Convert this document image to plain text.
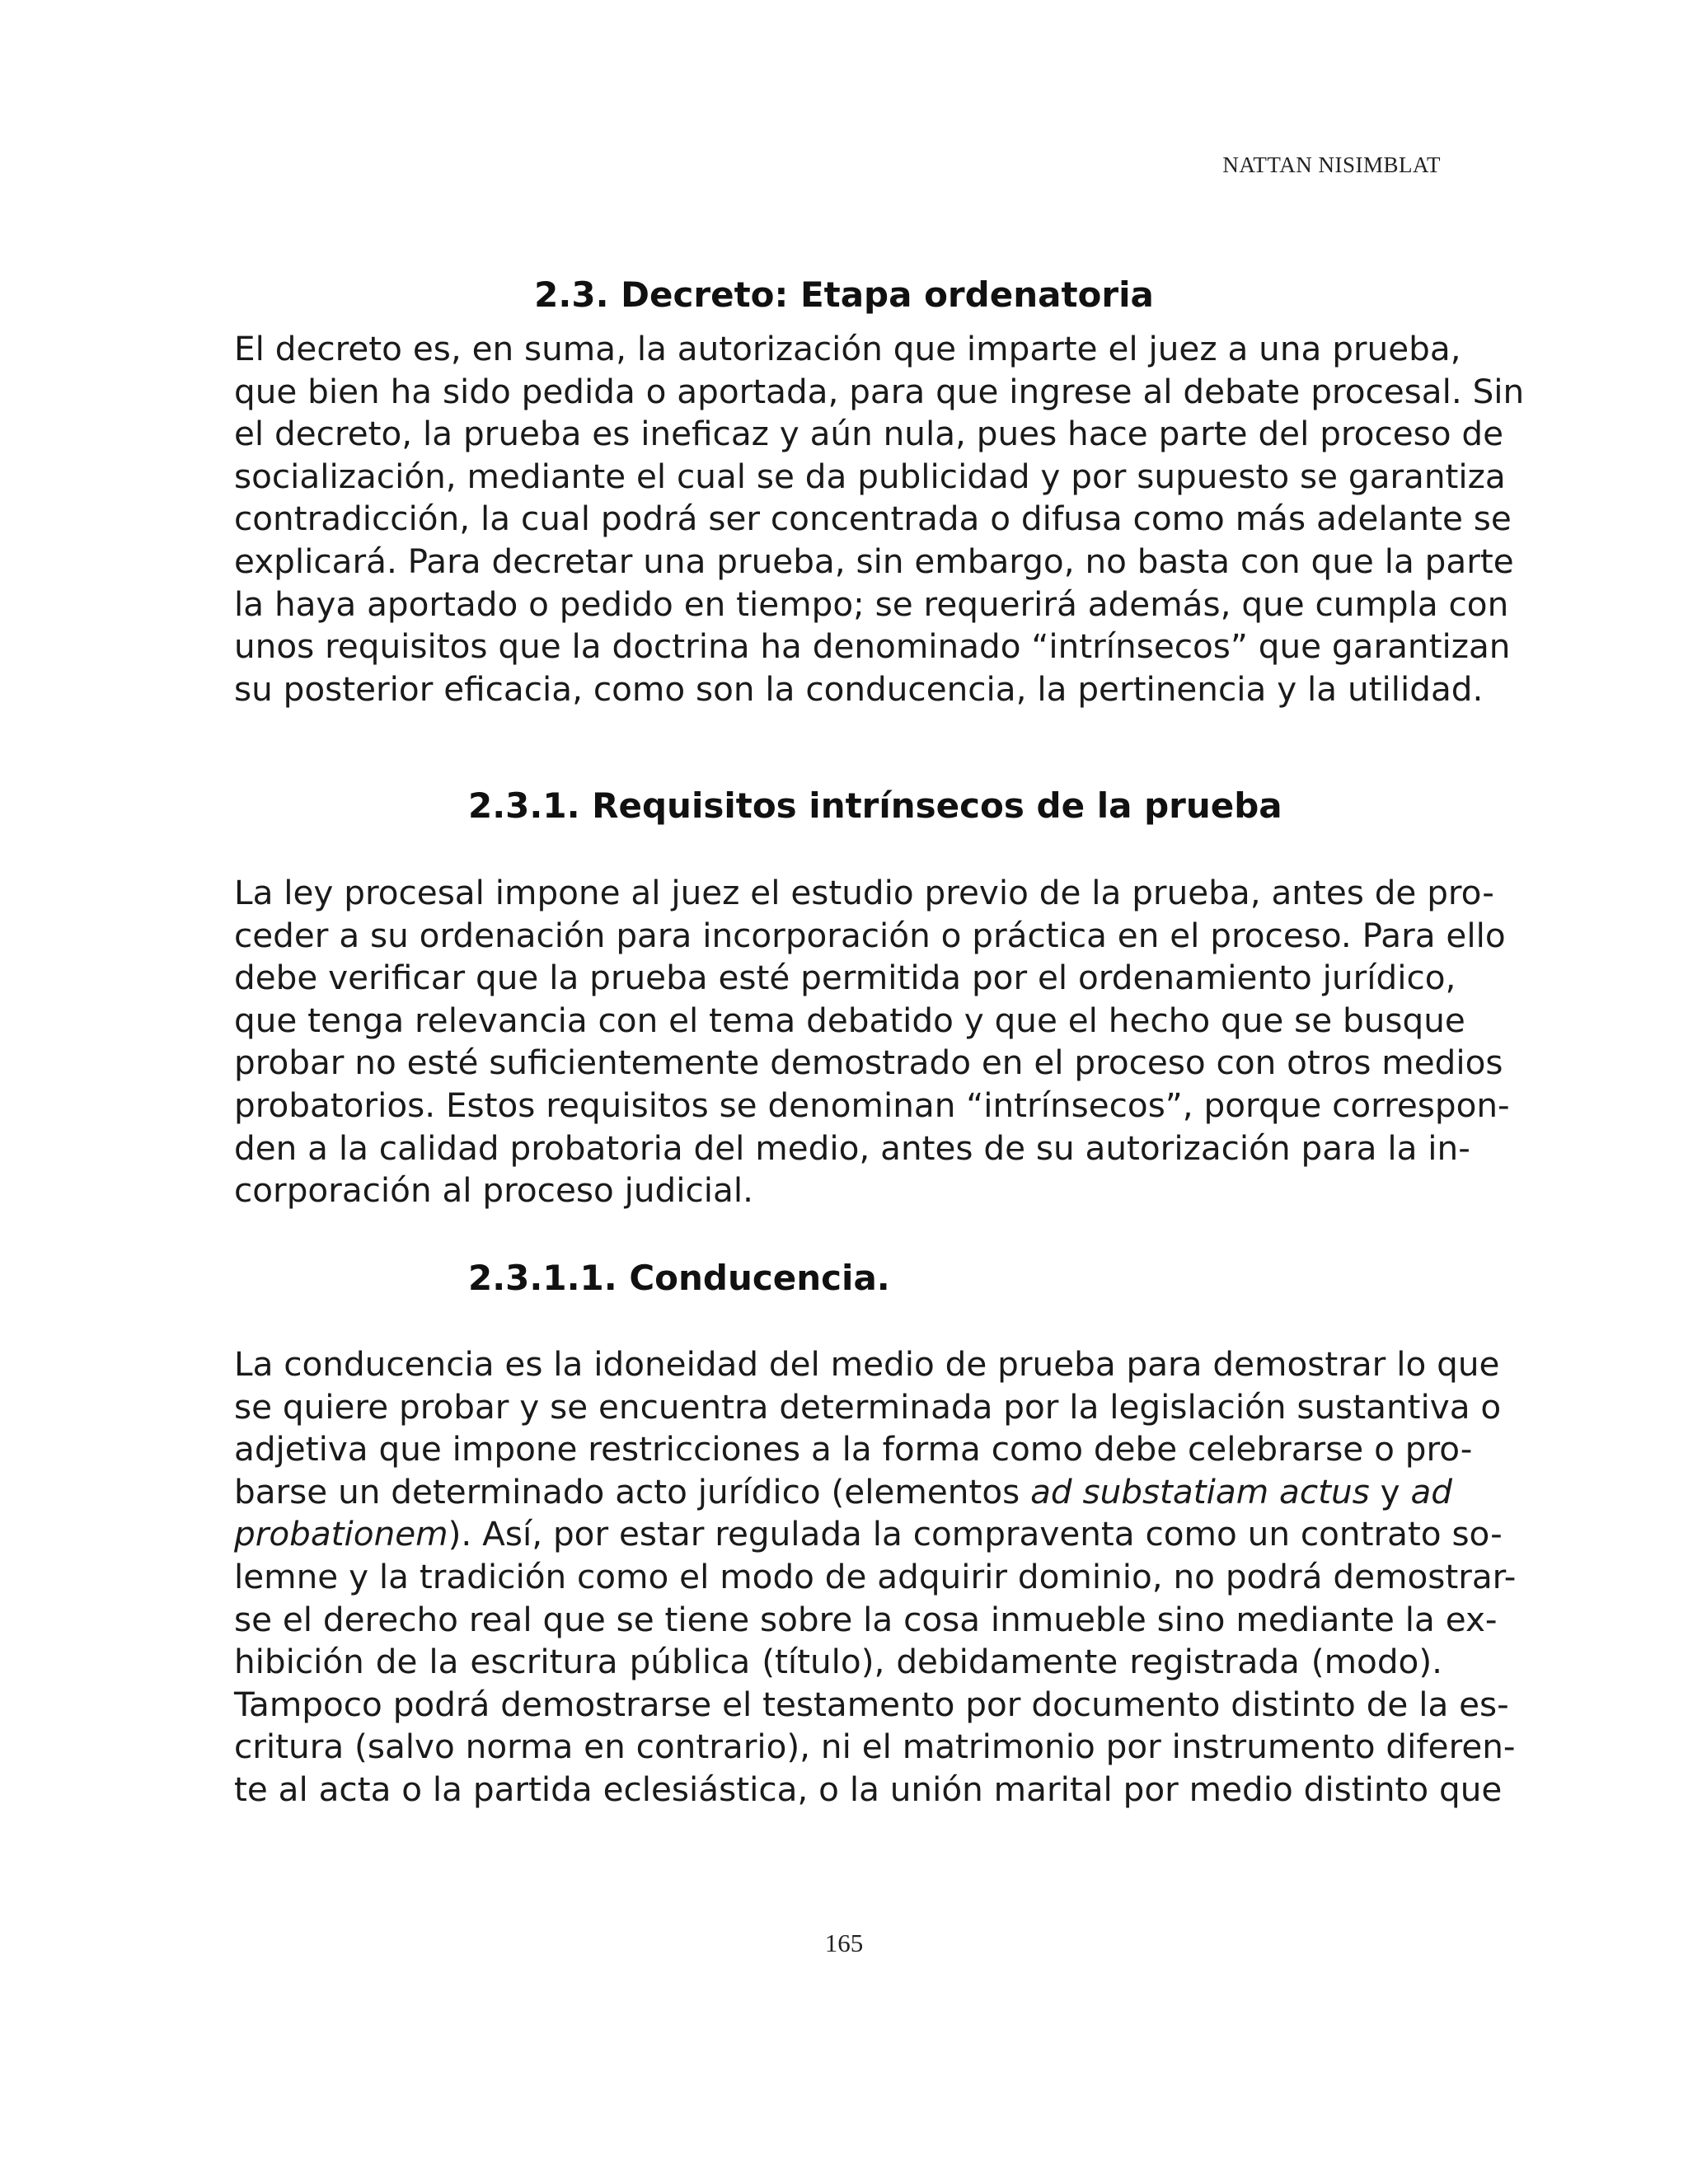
NATTAN NISIMBLAT
2.3. Decreto: Etapa ordenatoria
El decreto es, en suma, la autorización que imparte el juez a una prueba,
que bien ha sido pedida o aportada, para que ingrese al debate procesal. Sin
el decreto, la prueba es ineficaz y aún nula, pues hace parte del proceso de
socialización, mediante el cual se da publicidad y por supuesto se garantiza
contradicción, la cual podrá ser concentrada o difusa como más adelante se
explicará. Para decretar una prueba, sin embargo, no basta con que la parte
la haya aportado o pedido en tiempo; se requerirá además, que cumpla con
unos requisitos que la doctrina ha denominado “intrínsecos” que garantizan
su posterior eficacia, como son la conducencia, la pertinencia y la utilidad.
2.3.1. Requisitos intrínsecos de la prueba
La ley procesal impone al juez el estudio previo de la prueba, antes de pro-
ceder a su ordenación para incorporación o práctica en el proceso. Para ello
debe verificar que la prueba esté permitida por el ordenamiento jurídico,
que tenga relevancia con el tema debatido y que el hecho que se busque
probar no esté suficientemente demostrado en el proceso con otros medios
probatorios. Estos requisitos se denominan “intrínsecos”, porque correspon-
den a la calidad probatoria del medio, antes de su autorización para la in-
corporación al proceso judicial.
2.3.1.1. Conducencia.
La conducencia es la idoneidad del medio de prueba para demostrar lo que
se quiere probar y se encuentra determinada por la legislación sustantiva o
adjetiva que impone restricciones a la forma como debe celebrarse o pro-
barse un determinado acto jurídico (elementos ad substatiam actus y ad
probationem). Así, por estar regulada la compraventa como un contrato so-
lemne y la tradición como el modo de adquirir dominio, no podrá demostrar-
se el derecho real que se tiene sobre la cosa inmueble sino mediante la ex-
hibición de la escritura pública (título), debidamente registrada (modo).
Tampoco podrá demostrarse el testamento por documento distinto de la es-
critura (salvo norma en contrario), ni el matrimonio por instrumento diferen-
te al acta o la partida eclesiástica, o la unión marital por medio distinto que
165
